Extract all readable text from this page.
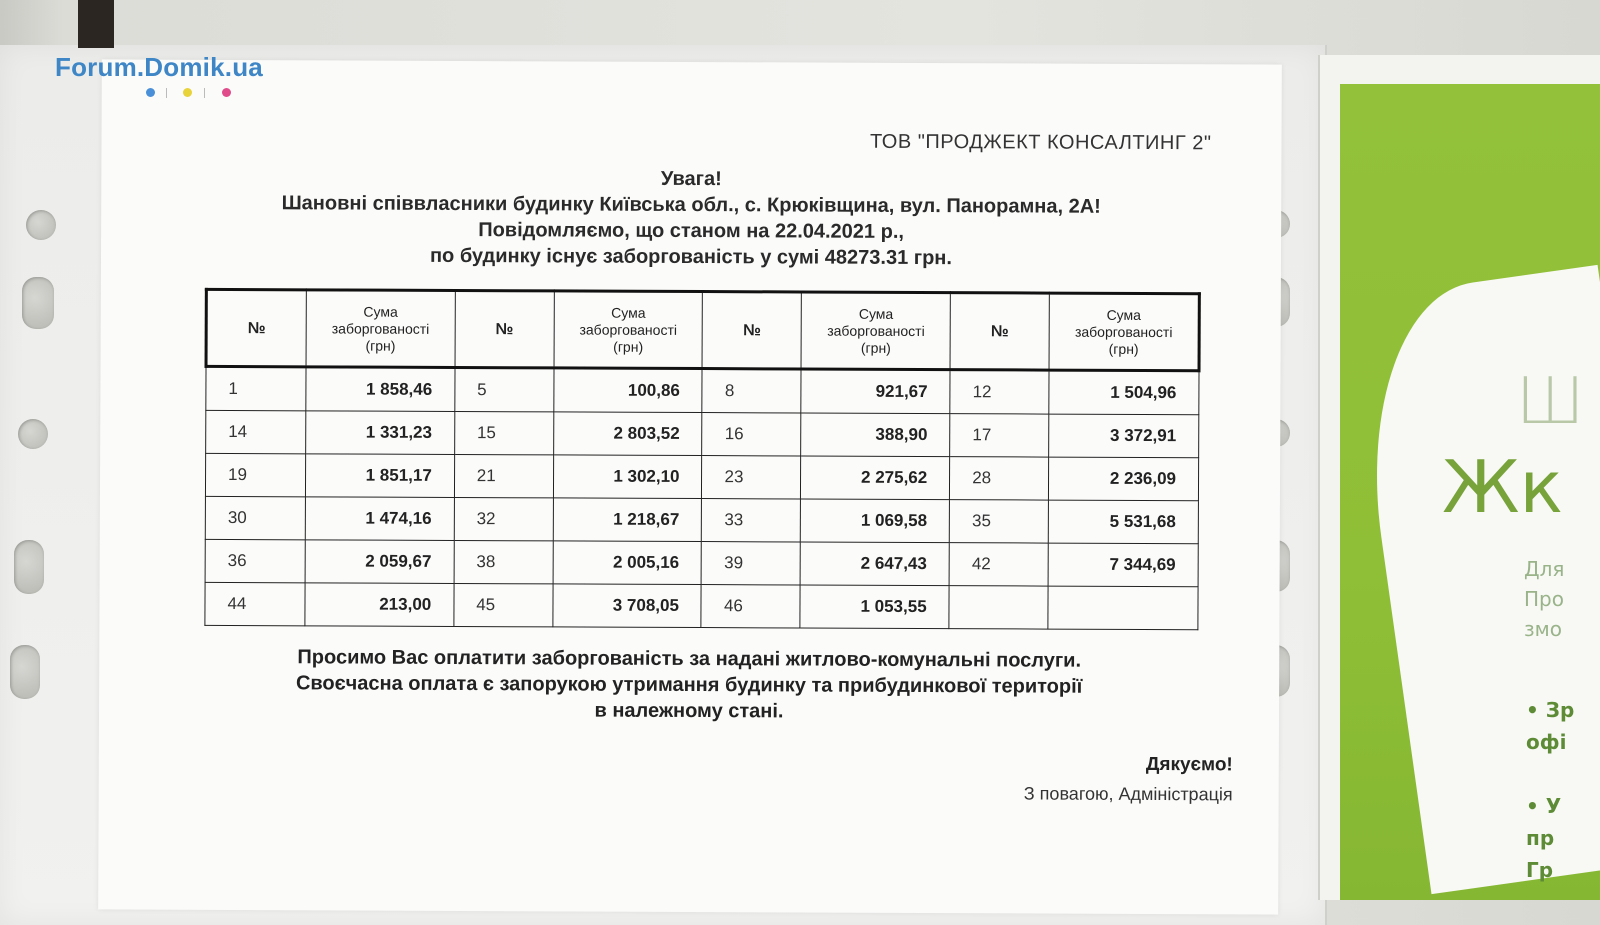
ТОВ "ПРОДЖЕКТ КОНСАЛТИНГ 2"
Увага!
Шановні співвласники будинку Київська обл., с. Крюківщина, вул. Панорамна, 2А!
Повідомляємо, що станом на 22.04.2021 р.,
по будинку існує заборгованість у сумі 48273.31 грн.
№	Сума
заборгованості
(грн)	№	Сума
заборгованості
(грн)	№	Сума
заборгованості
(грн)	№	Сума
заборгованості
(грн)
1	1 858,46	5	100,86	8	921,67	12	1 504,96
14	1 331,23	15	2 803,52	16	388,90	17	3 372,91
19	1 851,17	21	1 302,10	23	2 275,62	28	2 236,09
30	1 474,16	32	1 218,67	33	1 069,58	35	5 531,68
36	2 059,67	38	2 005,16	39	2 647,43	42	7 344,69
44	213,00	45	3 708,05	46	1 053,55		
Просимо Вас оплатити заборгованість за надані житлово-комунальні послуги.
Своєчасна оплата є запорукою утримання будинку та прибудинкової території
в належному стані.
Дякуємо!
З повагою, Адміністрація
Forum.Domik.ua
Ш
Жк
Для
Про
змо
• Зр
офі
• У
пр
Гр
